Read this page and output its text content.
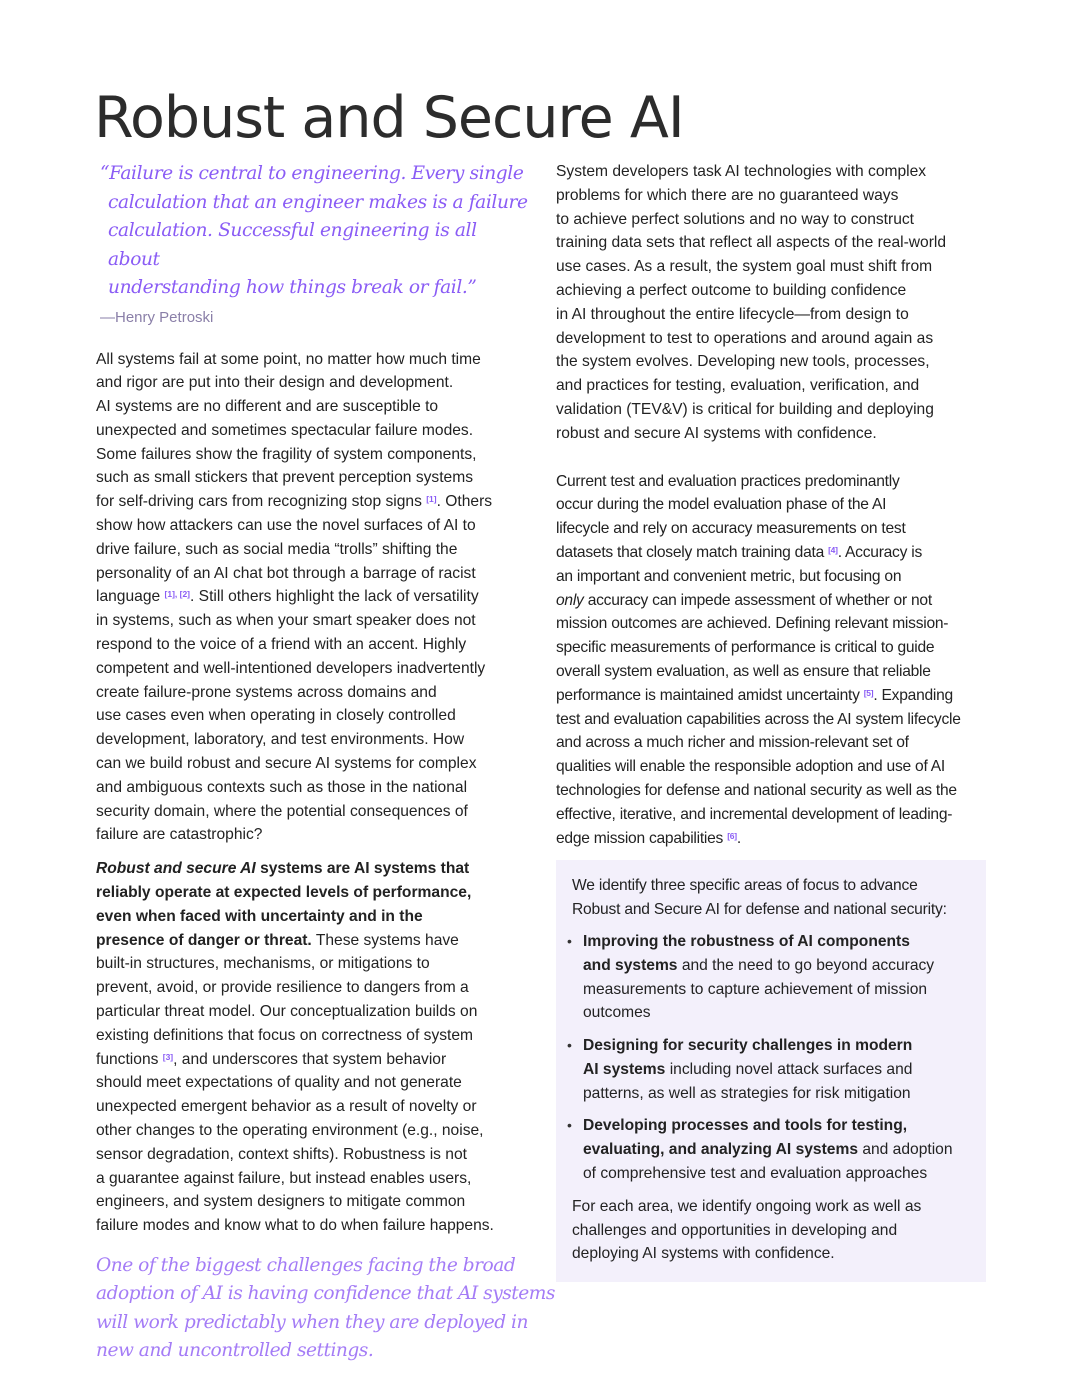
Robust and Secure AI

“Failure is central to engineering. Every single
calculation that an engineer makes is a failure
calculation. Successful engineering is all about
understanding how things break or fail.”

—Henry Petroski

All systems fail at some point, no matter how much time
and rigor are put into their design and development.
AI systems are no different and are susceptible to
unexpected and sometimes spectacular failure modes.
Some failures show the fragility of system components,
such as small stickers that prevent perception systems
for self-driving cars from recognizing stop signs [1]. Others
show how attackers can use the novel surfaces of AI to
drive failure, such as social media “trolls” shifting the
personality of an AI chat bot through a barrage of racist
language [1], [2]. Still others highlight the lack of versatility
in systems, such as when your smart speaker does not
respond to the voice of a friend with an accent. Highly
competent and well-intentioned developers inadvertently
create failure-prone systems across domains and
use cases even when operating in closely controlled
development, laboratory, and test environments. How
can we build robust and secure AI systems for complex
and ambiguous contexts such as those in the national
security domain, where the potential consequences of
failure are catastrophic?

Robust and secure AI systems are AI systems that
reliably operate at expected levels of performance,
even when faced with uncertainty and in the
presence of danger or threat. These systems have
built-in structures, mechanisms, or mitigations to
prevent, avoid, or provide resilience to dangers from a
particular threat model. Our conceptualization builds on
existing definitions that focus on correctness of system
functions [3], and underscores that system behavior
should meet expectations of quality and not generate
unexpected emergent behavior as a result of novelty or
other changes to the operating environment (e.g., noise,
sensor degradation, context shifts). Robustness is not
a guarantee against failure, but instead enables users,
engineers, and system designers to mitigate common
failure modes and know what to do when failure happens.

One of the biggest challenges facing the broad
adoption of AI is having confidence that AI systems
will work predictably when they are deployed in
new and uncontrolled settings.

System developers task AI technologies with complex
problems for which there are no guaranteed ways
to achieve perfect solutions and no way to construct
training data sets that reflect all aspects of the real-world
use cases. As a result, the system goal must shift from
achieving a perfect outcome to building confidence
in AI throughout the entire lifecycle—from design to
development to test to operations and around again as
the system evolves. Developing new tools, processes,
and practices for testing, evaluation, verification, and
validation (TEV&V) is critical for building and deploying
robust and secure AI systems with confidence.

Current test and evaluation practices predominantly
occur during the model evaluation phase of the AI
lifecycle and rely on accuracy measurements on test
datasets that closely match training data [4]. Accuracy is
an important and convenient metric, but focusing on
only accuracy can impede assessment of whether or not
mission outcomes are achieved. Defining relevant mission-
specific measurements of performance is critical to guide
overall system evaluation, as well as ensure that reliable
performance is maintained amidst uncertainty [5]. Expanding
test and evaluation capabilities across the AI system lifecycle
and across a much richer and mission-relevant set of
qualities will enable the responsible adoption and use of AI
technologies for defense and national security as well as the
effective, iterative, and incremental development of leading-
edge mission capabilities [6].

We identify three specific areas of focus to advance
Robust and Secure AI for defense and national security:

• Improving the robustness of AI components
and systems and the need to go beyond accuracy
measurements to capture achievement of mission
outcomes
• Designing for security challenges in modern
AI systems including novel attack surfaces and
patterns, as well as strategies for risk mitigation
• Developing processes and tools for testing,
evaluating, and analyzing AI systems and adoption
of comprehensive test and evaluation approaches

For each area, we identify ongoing work as well as
challenges and opportunities in developing and
deploying AI systems with confidence.
